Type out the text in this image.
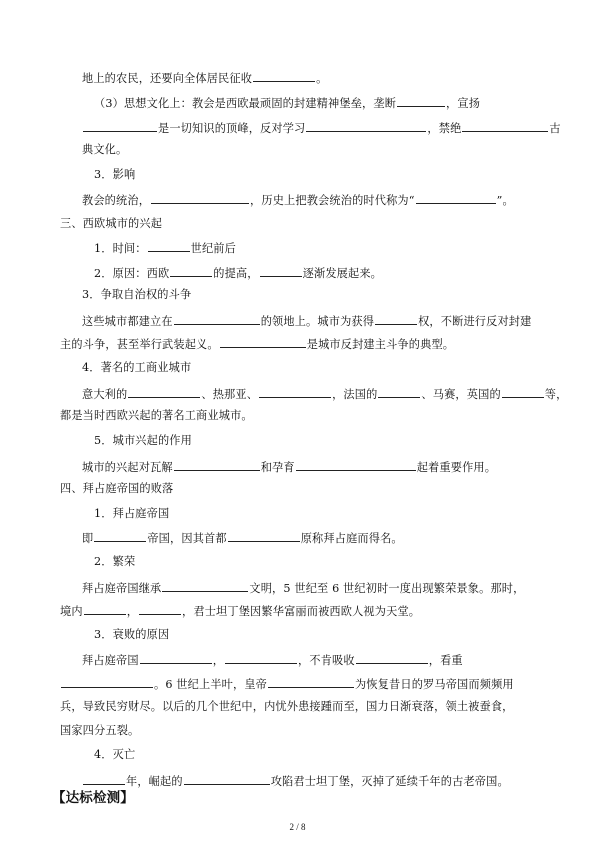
地上的农民，还要向全体居民征收	。
（3）思想文化上：教会是西欧最顽固的封建精神堡垒，垄断	，宣扬
是一切知识的顶峰，反对学习	，禁绝	古
典文化。
3．影响
教会的统治，	，历史上把教会统治的时代称为“	”。
三、西欧城市的兴起
1．时间：	世纪前后
2．原因：西欧	的提高，	逐渐发展起来。
3．争取自治权的斗争
这些城市都建立在	的领地上。城市为获得	权，不断进行反对封建
主的斗争，甚至举行武装起义。	是城市反封建主斗争的典型。
4．著名的工商业城市
意大利的	、热那亚、	，法国的	、马赛，英国的	等，
都是当时西欧兴起的著名工商业城市。
5．城市兴起的作用
城市的兴起对瓦解	和孕育	起着重要作用。
四、拜占庭帝国的败落
1．拜占庭帝国
即	帝国，因其首都	原称拜占庭而得名。
2．繁荣
拜占庭帝国继承	文明，5 世纪至 6 世纪初时一度出现繁荣景象。那时，
境内	，	，君士坦丁堡因繁华富丽而被西欧人视为天堂。
3．衰败的原因
拜占庭帝国	，	，不肯吸收	，看重
。6 世纪上半叶，皇帝	为恢复昔日的罗马帝国而频频用
兵，导致民穷财尽。以后的几个世纪中，内忧外患接踵而至，国力日渐衰落，领土被蚕食，
国家四分五裂。
4．灭亡
年，崛起的	攻陷君士坦丁堡，灭掉了延续千年的古老帝国。
【达标检测】
2 / 8
